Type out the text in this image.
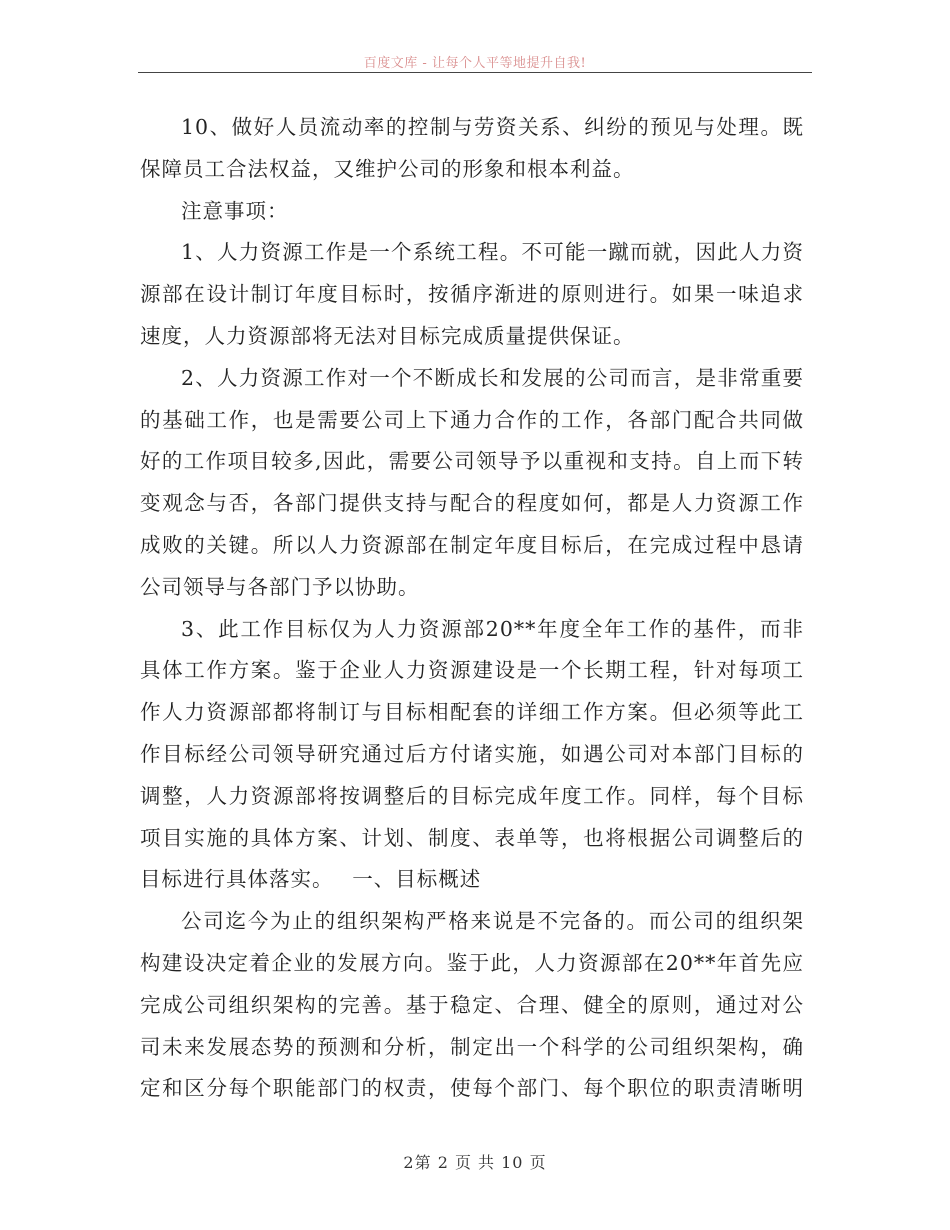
百度文库 - 让每个人平等地提升自我!

10、做好人员流动率的控制与劳资关系、纠纷的预见与处理。既保障员工合法权益，又维护公司的形象和根本利益。

注意事项：

1、人力资源工作是一个系统工程。不可能一蹴而就，因此人力资源部在设计制订年度目标时，按循序渐进的原则进行。如果一味追求速度，人力资源部将无法对目标完成质量提供保证。

2、人力资源工作对一个不断成长和发展的公司而言，是非常重要的基础工作，也是需要公司上下通力合作的工作，各部门配合共同做好的工作项目较多,因此，需要公司领导予以重视和支持。自上而下转变观念与否，各部门提供支持与配合的程度如何，都是人力资源工作成败的关键。所以人力资源部在制定年度目标后，在完成过程中恳请公司领导与各部门予以协助。

3、此工作目标仅为人力资源部20**年度全年工作的基件，而非具体工作方案。鉴于企业人力资源建设是一个长期工程，针对每项工作人力资源部都将制订与目标相配套的详细工作方案。但必须等此工作目标经公司领导研究通过后方付诸实施，如遇公司对本部门目标的调整，人力资源部将按调整后的目标完成年度工作。同样，每个目标项目实施的具体方案、计划、制度、表单等，也将根据公司调整后的目标进行具体落实。　 一、目标概述

公司迄今为止的组织架构严格来说是不完备的。而公司的组织架构建设决定着企业的发展方向。鉴于此，人力资源部在20**年首先应完成公司组织架构的完善。基于稳定、合理、健全的原则，通过对公司未来发展态势的预测和分析，制定出一个科学的公司组织架构，确定和区分每个职能部门的权责，使每个部门、每个职位的职责清晰明

2第 2 页 共 10 页
